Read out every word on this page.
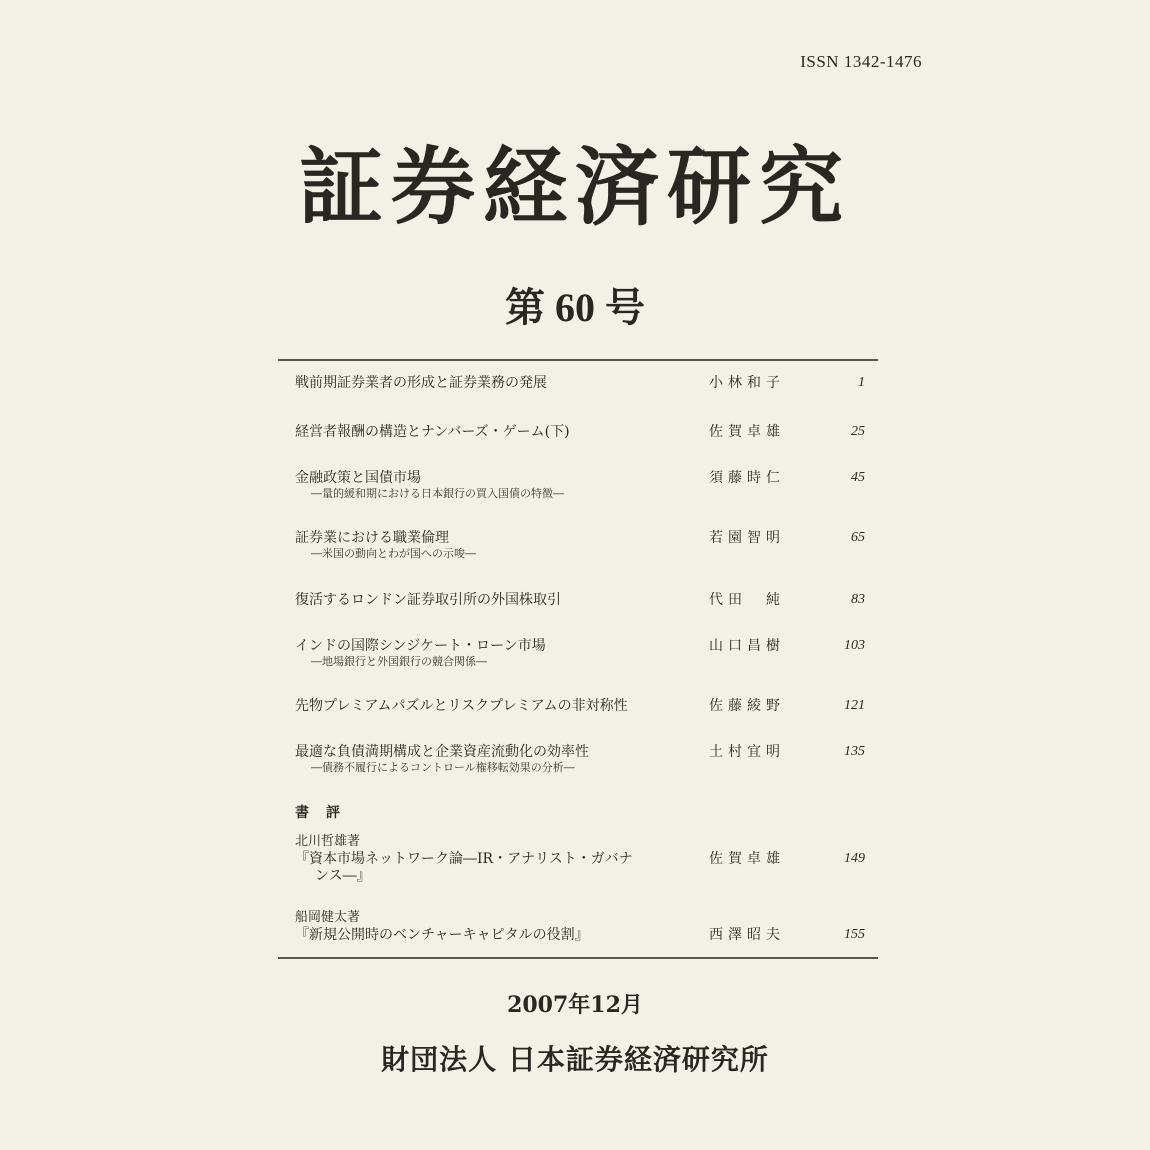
ISSN 1342-1476
証券経済研究
第 60 号
戦前期証券業者の形成と証券業務の発展	小林和子	1
経営者報酬の構造とナンバーズ・ゲーム(下)	佐賀卓雄	25
金融政策と国債市場
―量的緩和期における日本銀行の買入国債の特徴―
須藤時仁	45
証券業における職業倫理
―米国の動向とわが国への示唆―
若園智明	65
復活するロンドン証券取引所の外国株取引	代田　純	83
インドの国際シンジケート・ローン市場
―地場銀行と外国銀行の競合関係―
山口昌樹	103
先物プレミアムパズルとリスクプレミアムの非対称性	佐藤綾野	121
最適な負債満期構成と企業資産流動化の効率性
―債務不履行によるコントロール権移転効果の分析―
土村宜明	135
書 評
北川哲雄著
『資本市場ネットワーク論―IR・アナリスト・ガバナ
ンス―』
佐賀卓雄	149
船岡健太著
『新規公開時のベンチャーキャピタルの役割』	西澤昭夫	155
2007年12月
財団法人 日本証券経済研究所
